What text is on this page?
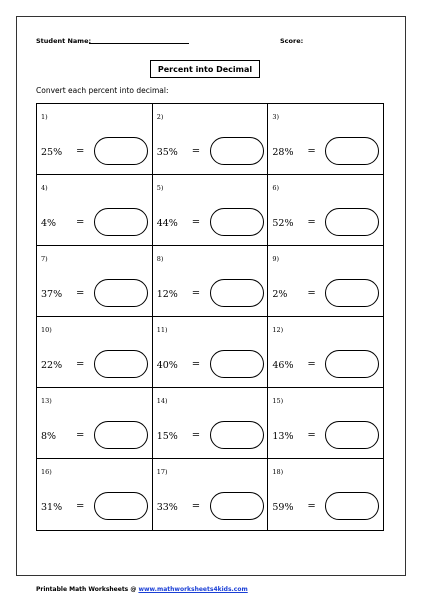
Student Name:	Score:
Percent into Decimal
Convert each percent into decimal:
1)
25% =	2)
35% =	3)
28% =

4)
4% =	5)
44% =	6)
52% =

7)
37% =	8)
12% =	9)
2% =

10)
22% =	11)
40% =	12)
46% =

13)
8% =	14)
15% =	15)
13% =

16)
31% =	17)
33% =	18)
59% =
Printable Math Worksheets @ www.mathworksheets4kids.com
